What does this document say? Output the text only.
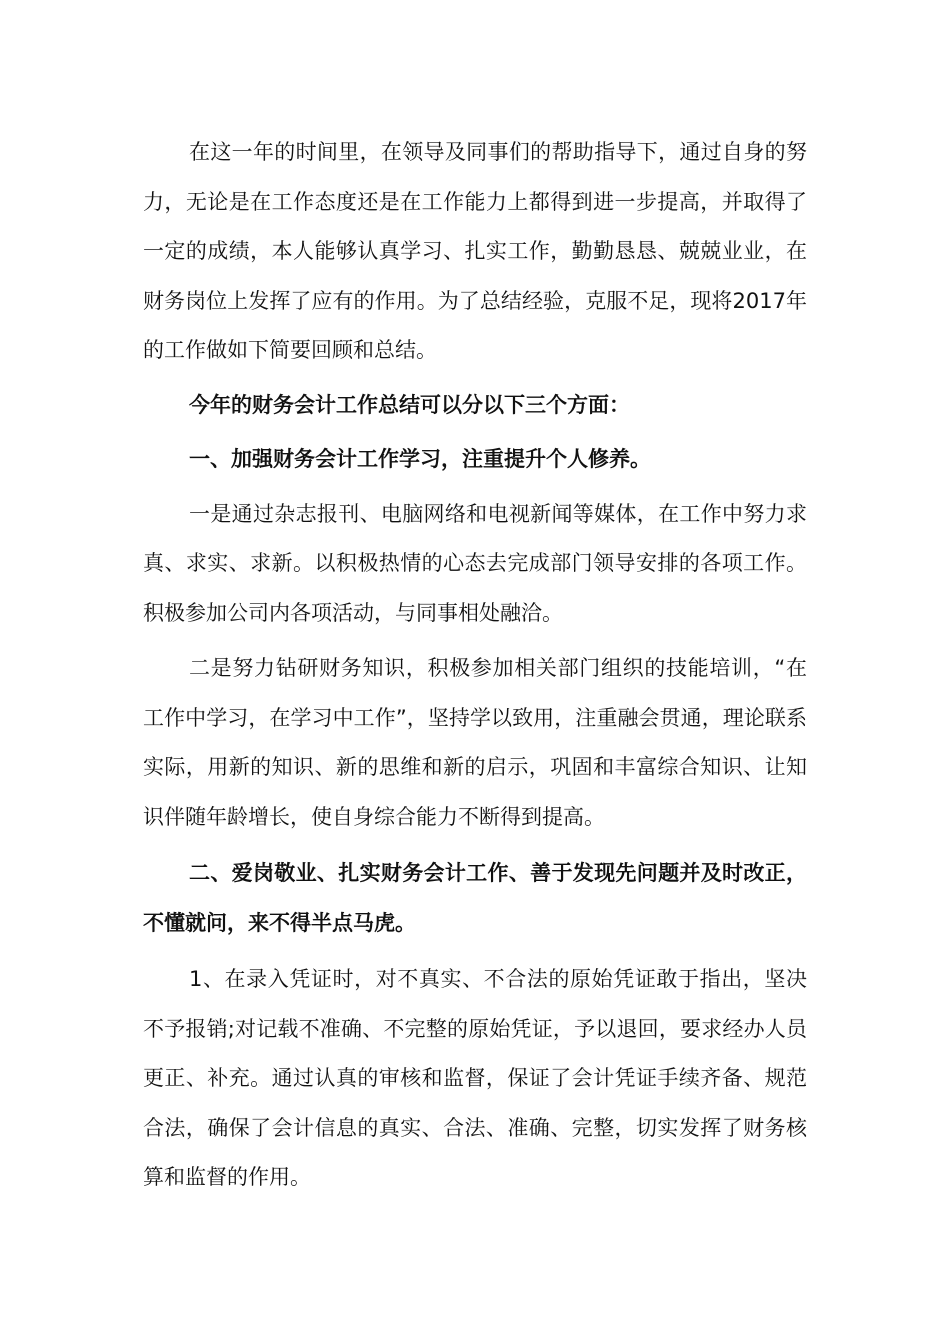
在这一年的时间里，在领导及同事们的帮助指导下，通过自身的努力，无论是在工作态度还是在工作能力上都得到进一步提高，并取得了一定的成绩，本人能够认真学习、扎实工作，勤勤恳恳、兢兢业业，在财务岗位上发挥了应有的作用。为了总结经验，克服不足，现将2017年的工作做如下简要回顾和总结。

今年的财务会计工作总结可以分以下三个方面：

一、加强财务会计工作学习，注重提升个人修养。

一是通过杂志报刊、电脑网络和电视新闻等媒体，在工作中努力求真、求实、求新。以积极热情的心态去完成部门领导安排的各项工作。积极参加公司内各项活动，与同事相处融洽。

二是努力钻研财务知识，积极参加相关部门组织的技能培训，“在工作中学习，在学习中工作”，坚持学以致用，注重融会贯通，理论联系实际，用新的知识、新的思维和新的启示，巩固和丰富综合知识、让知识伴随年龄增长，使自身综合能力不断得到提高。

二、爱岗敬业、扎实财务会计工作、善于发现先问题并及时改正，不懂就问，来不得半点马虎。

1、在录入凭证时，对不真实、不合法的原始凭证敢于指出，坚决不予报销;对记载不准确、不完整的原始凭证，予以退回，要求经办人员更正、补充。通过认真的审核和监督，保证了会计凭证手续齐备、规范合法，确保了会计信息的真实、合法、准确、完整，切实发挥了财务核算和监督的作用。
